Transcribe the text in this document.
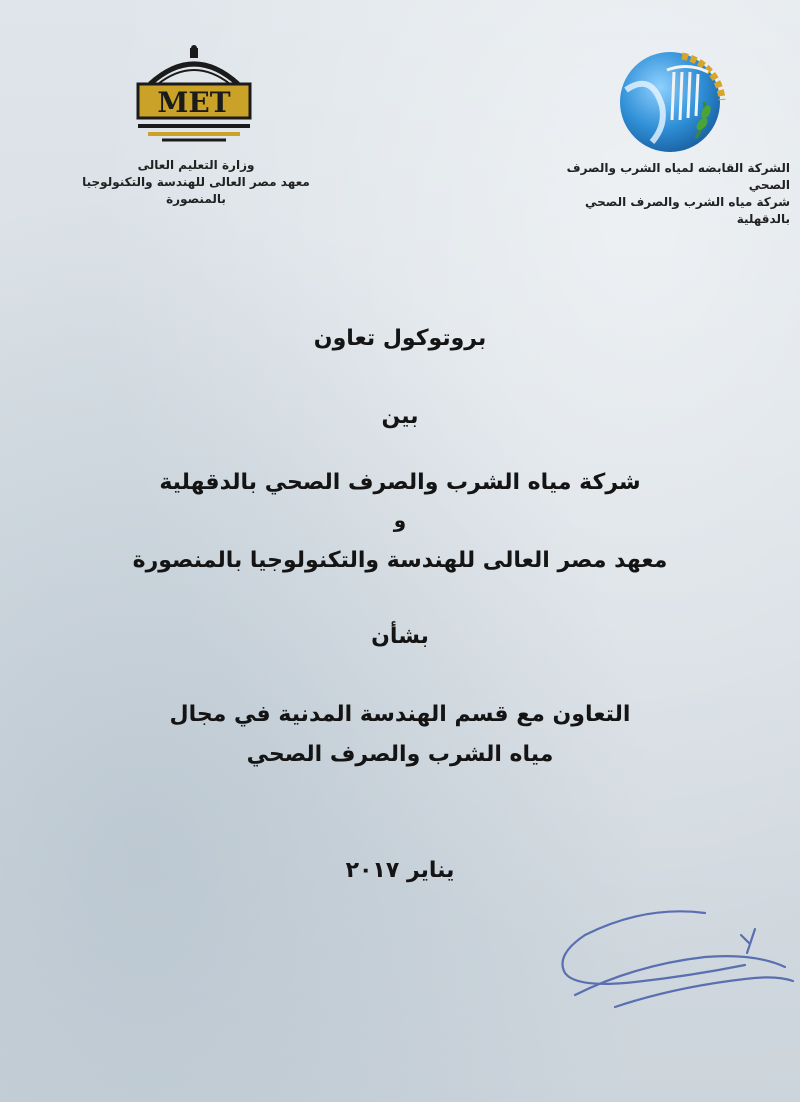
MET
وزارة التعليم العالى
معهد مصر العالى للهندسة والتكنولوجيا بالمنصورة
الشركة القابضه لمياه الشرب والصرف الصحي
شركة مياه الشرب والصرف الصحي بالدقهلية
بروتوكول تعاون
بين
شركة مياه الشرب والصرف الصحي بالدقهلية
و
معهد مصر العالى للهندسة والتكنولوجيا بالمنصورة
بشأن
التعاون مع قسم الهندسة المدنية في مجال
مياه الشرب والصرف الصحي
يناير ٢٠١٧
